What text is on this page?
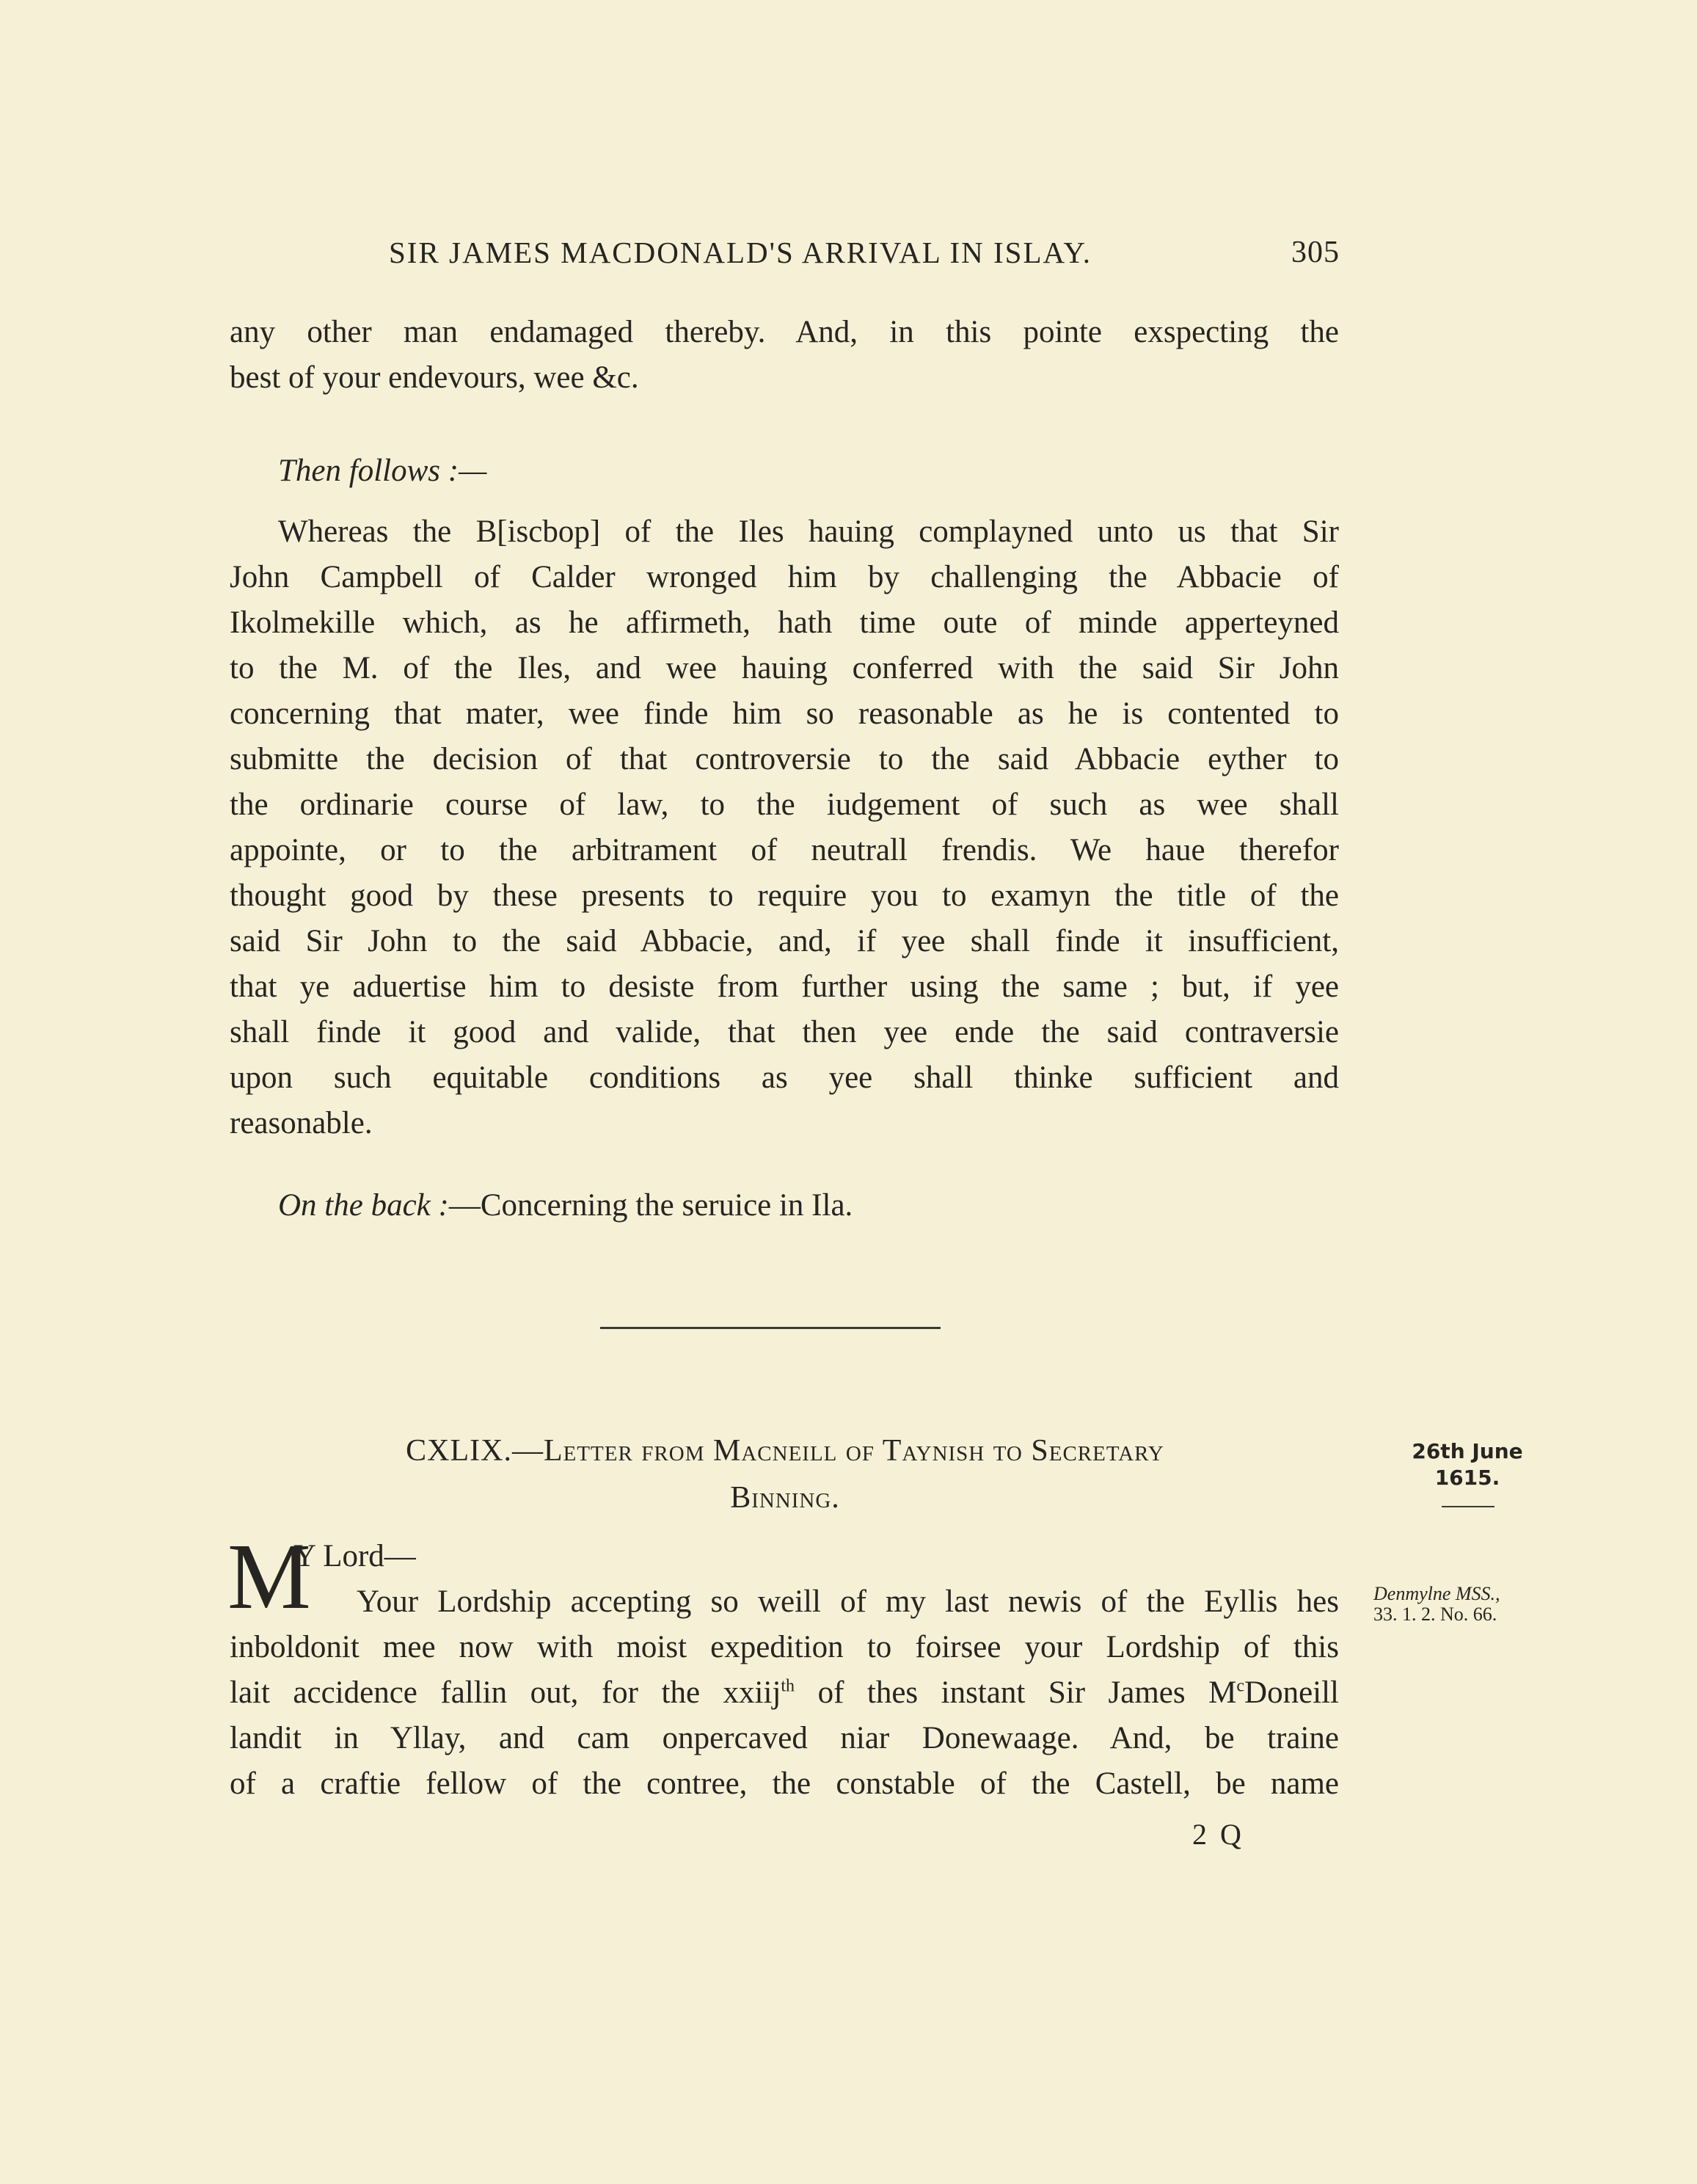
SIR JAMES MACDONALD'S ARRIVAL IN ISLAY.	305
any other man endamaged thereby. And, in this pointe exspecting the
best of your endevours, wee &c.
Then follows :—
Whereas the B[iscbop] of the Iles hauing complayned unto us that Sir
John Campbell of Calder wronged him by challenging the Abbacie of
Ikolmekille which, as he affirmeth, hath time oute of minde apperteyned
to the M. of the Iles, and wee hauing conferred with the said Sir John
concerning that mater, wee finde him so reasonable as he is contented to
submitte the decision of that controversie to the said Abbacie eyther to
the ordinarie course of law, to the iudgement of such as wee shall
appointe, or to the arbitrament of neutrall frendis. We haue therefor
thought good by these presents to require you to examyn the title of the
said Sir John to the said Abbacie, and, if yee shall finde it insufficient,
that ye aduertise him to desiste from further using the same ; but, if yee
shall finde it good and valide, that then yee ende the said contraversie
upon such equitable conditions as yee shall thinke sufficient and
reasonable.
On the back :—Concerning the seruice in Ila.
CXLIX.—Letter from Macneill of Taynish to Secretary
Binning.
26th June
1615.
Denmylne MSS.,
33. 1. 2. No. 66.
M
Y Lord—
Your Lordship accepting so weill of my last newis of the Eyllis hes
inboldonit mee now with moist expedition to foirsee your Lordship of this
lait accidence fallin out, for the xxiij$^{th}$ of thes instant Sir James $M^cDoneill$
landit in Yllay, and cam onpercaved niar Donewaage. And, be traine
of a craftie fellow of the contree, the constable of the Castell, be name
2 Q
